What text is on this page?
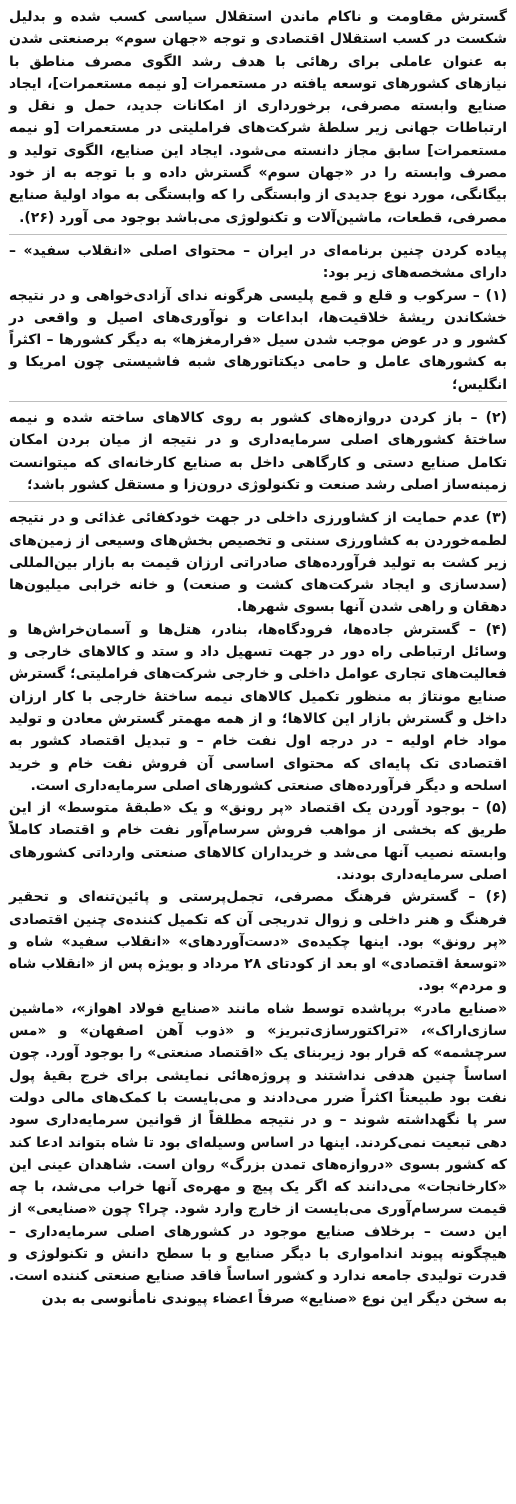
گسترش مقاومت و ناکام ماندن استقلال سیاسی کسب شده و بدلیل شکست در کسب استقلال اقتصادی و توجه «جهان سوم» برصنعتی شدن به عنوان عاملی برای رهائی با هدف رشد الگوی مصرف مناطق با نیازهای کشورهای توسعه یافته در مستعمرات [و نیمه مستعمرات]، ایجاد صنایع وابسته مصرفی، برخورداری از امکانات جدید، حمل و نقل و ارتباطات جهانی زیر سلطهٔ شرکت‌های فراملیتی در مستعمرات [و نیمه مستعمرات] سابق مجاز دانسته می‌شود. ایجاد این صنایع، الگوی تولید و مصرف وابسته را در «جهان سوم» گسترش داده و با توجه به از خود بیگانگی، مورد نوع جدیدی از وابستگی را که وابستگی به مواد اولیهٔ صنایع مصرفی، قطعات، ماشین‌آلات و تکنولوژی می‌باشد بوجود می آورد (۲۶).

پیاده کردن چنین برنامه‌ای در ایران – محتوای اصلی «انقلاب سفید» – دارای مشخصه‌های زیر بود:

(۱) – سرکوب و قلع و قمع پلیسی هرگونه ندای آزادی‌خواهی و در نتیجه خشکاندن ریشهٔ خلاقیت‌ها، ابداعات و نوآوری‌های اصیل و واقعی در کشور و در عوض موجب شدن سیل «فرارمغزها» به دیگر کشورها – اکثراً به کشورهای عامل و حامی دیکتاتورهای شبه فاشیستی چون امریکا و انگلیس؛

(۲) – باز کردن دروازه‌های کشور به روی کالاهای ساخته شده و نیمه ساختهٔ کشورهای اصلی سرمایه‌داری و در نتیجه از میان بردن امکان تکامل صنایع دستی و کارگاهی داخل به صنایع کارخانه‌ای که میتوانست زمینه‌ساز اصلی رشد صنعت و تکنولوژی درون‌زا و مستقل کشور باشد؛

(۳) عدم حمایت از کشاورزی داخلی در جهت خودکفائی غذائی و در نتیجه لطمه‌خوردن به کشاورزی سنتی و تخصیص بخش‌های وسیعی از زمین‌های زیر کشت به تولید فرآورده‌های صادراتی ارزان قیمت به بازار بین‌المللی (سدسازی و ایجاد شرکت‌های کشت و صنعت) و خانه خرابی میلیون‌ها دهقان و راهی شدن آنها بسوی شهرها.

(۴) – گسترش جاده‌ها، فرودگاه‌ها، بنادر، هتل‌ها و آسمان‌خراش‌ها و وسائل ارتباطی راه دور در جهت تسهیل داد و ستد و کالاهای خارجی و فعالیت‌های تجاری عوامل داخلی و خارجی شرکت‌های فراملیتی؛ گسترش صنایع مونتاژ به منظور تکمیل کالاهای نیمه ساختهٔ خارجی با کار ارزان داخل و گسترش بازار این کالاها؛ و از همه مهمتر گسترش معادن و تولید مواد خام اولیه – در درجه اول نفت خام – و تبدیل اقتصاد کشور به اقتصادی تک پایه‌ای که محتوای اساسی آن فروش نفت خام و خرید اسلحه و دیگر فرآورده‌های صنعتی کشورهای اصلی سرمایه‌داری است.

(۵) – بوجود آوردن یک اقتصاد «پر رونق» و یک «طبقهٔ متوسط» از این طریق که بخشی از مواهب فروش سرسام‌آور نفت خام و اقتصاد کاملاً وابسته نصیب آنها می‌شد و خریداران کالاهای صنعتی وارداتی کشورهای اصلی سرمایه‌داری بودند.

(۶) – گسترش فرهنگ مصرفی، تجمل‌پرستی و پائین‌تنه‌ای و تحقیر فرهنگ و هنر داخلی و زوال تدریجی آن که تکمیل کننده‌ی چنین اقتصادی «پر رونق» بود. اینها چکیده‌ی «دست‌آوردهای» «انقلاب سفید» شاه و «توسعهٔ اقتصادی» او بعد از کودتای ۲۸ مرداد و بویژه پس از «انقلاب شاه و مردم» بود.

«صنایع مادر» برپاشده توسط شاه مانند «صنایع فولاد اهواز»، «ماشین سازی‌اراک»، «تراکتورسازی‌تبریز» و «ذوب آهن اصفهان» و «مس سرچشمه» که قرار بود زیربنای یک «اقتصاد صنعتی» را بوجود آورد. چون اساساً چنین هدفی نداشتند و پروژه‌هائی نمایشی برای خرج بقیهٔ پول نفت بود طبیعتاً اکثراً ضرر می‌دادند و می‌بایست با کمک‌های مالی دولت سر پا نگهداشته شوند – و در نتیجه مطلقاً از قوانین سرمایه‌داری سود دهی تبعیت نمی‌کردند. اینها در اساس وسیله‌ای بود تا شاه بتواند ادعا کند که کشور بسوی «دروازه‌های تمدن بزرگ» روان است. شاهدان عینی این «کارخانجات» می‌دانند که اگر یک پیچ و مهره‌ی آنها خراب می‌شد، با چه قیمت سرسام‌آوری می‌بایست از خارج وارد شود. چرا؟ چون «صنایعی» از این دست – برخلاف صنایع موجود در کشورهای اصلی سرمایه‌داری – هیچگونه پیوند اندامواری با دیگر صنایع و با سطح دانش و تکنولوژی و قدرت تولیدی جامعه ندارد و کشور اساساً فاقد صنایع صنعتی کننده است. به سخن دیگر این نوع «صنایع» صرفاً اعضاء پیوندی نامأنوسی به بدن
